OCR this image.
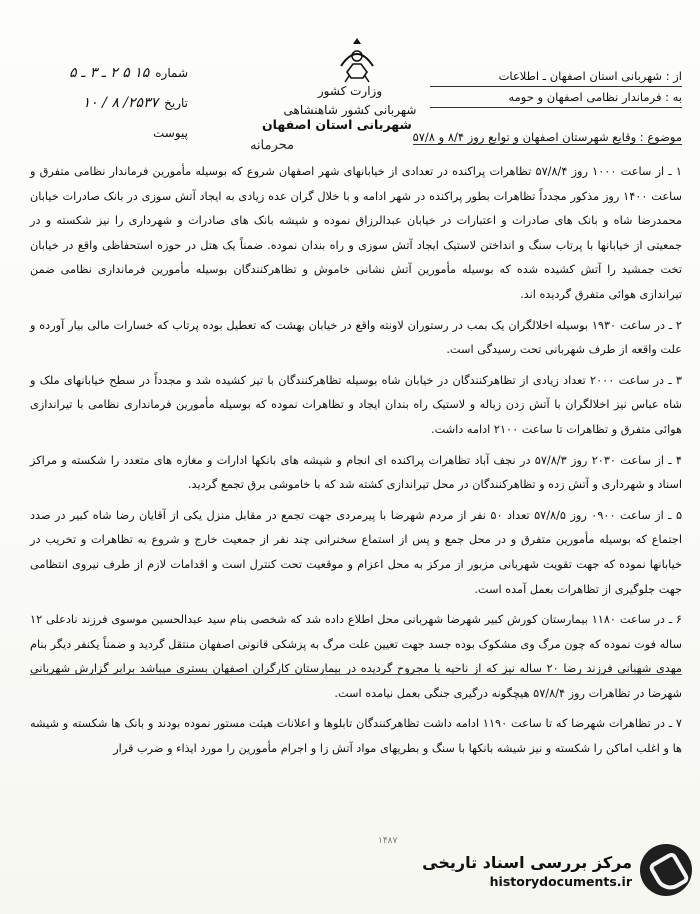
شماره
۱۵ ۵ ۲ ـ ۳ ـ ۵
تاریخ
۲۵۳۷/ ۸ / ۱۰
پیوست
وزارت کشور
شهربانی کشور شاهنشاهی
از : شهربانی استان اصفهان ـ اطلاعات
به : فرماندار نظامی اصفهان و حومه
موضوع : وقایع شهرستان اصفهان و توابع روز ۸/۴ و ۵۷/۸
شهربانی استان اصفهان
محرمانه

۱ ـ از ساعت ۱۰۰۰ روز ۵۷/۸/۴ تظاهرات پراکنده در تعدادی از خیابانهای شهر اصفهان شروع که بوسیله مأمورین فرماندار نظامی متفرق و ساعت ۱۴۰۰ روز مذکور مجدداً تظاهرات بطور پراکنده در شهر ادامه و با خلال گران عده زیادی به ایجاد آتش سوزی در بانک صادرات خیابان محمدرضا شاه و بانک های صادرات و اعتبارات در خیابان عبدالرزاق نموده و شیشه بانک های صادرات و شهرداری را نیز شکسته و در جمعیتی از خیابانها با پرتاب سنگ و انداختن لاستیک ایجاد آتش سوزی و راه بندان نموده. ضمناً یک هتل در حوزه استحفاظی واقع در خیابان تخت جمشید را آتش کشیده شده که بوسیله مأمورین آتش نشانی خاموش و تظاهرکنندگان بوسیله مأمورین فرمانداری نظامی ضمن تیراندازی هوائی متفرق گردیده اند.

۲ ـ در ساعت ۱۹۳۰ بوسیله اخلالگران یک بمب در رستوران لاونته واقع در خیابان بهشت که تعطیل بوده پرتاب که خسارات مالی بیار آورده و علت واقعه از طرف شهربانی تحت رسیدگی است.

۳ ـ در ساعت ۲۰۰۰ تعداد زیادی از تظاهرکنندگان در خیابان شاه بوسیله تظاهرکنندگان با تیر کشیده شد و مجدداً در سطح خیابانهای ملک و شاه عباس نیز اخلالگران با آتش زدن زباله و لاستیک راه بندان ایجاد و تظاهرات نموده که بوسیله مأمورین فرمانداری نظامی با تیراندازی هوائی متفرق و تظاهرات تا ساعت ۲۱۰۰ ادامه داشت.

۴ ـ از ساعت ۲۰۳۰ روز ۵۷/۸/۳ در نجف آباد تظاهرات پراکنده ای انجام و شیشه های بانکها ادارات و مغازه های متعدد را شکسته و مراکز اسناد و شهرداری و آتش زده و تظاهرکنندگان در محل تیراندازی کشته شد که با خاموشی برق تجمع گردید.

۵ ـ از ساعت ۰۹۰۰ روز ۵۷/۸/۵ تعداد ۵۰ نفر از مردم شهرضا با پیرمردی جهت تجمع در مقابل منزل یکی از آقایان رضا شاه کبیر در صدد اجتماع که بوسیله مأمورین متفرق و در محل جمع و پس از استماع سخنرانی چند نفر از جمعیت خارج و شروع به تظاهرات و تخریب در خیابانها نموده که جهت تقویت شهربانی مزبور از مرکز به محل اعزام و موقعیت تحت کنترل است و اقدامات لازم از طرف نیروی انتظامی جهت جلوگیری از تظاهرات بعمل آمده است.

۶ ـ در ساعت ۱۱۸۰ بیمارستان کورش کبیر شهرضا شهربانی محل اطلاع داده شد که شخصی بنام سید عبدالحسین موسوی فرزند نادعلی ۱۲ ساله فوت نموده که چون مرگ وی مشکوک بوده جسد جهت تعیین علت مرگ به پزشکی قانونی اصفهان منتقل گردید و ضمناً یکنفر دیگر بنام مهدی شهبانی فرزند رضا ۲۰ ساله نیز که از ناحیه پا مجروح گردیده در بیمارستان کارگران اصفهان بستری میباشد برابر گزارش شهربانی شهرضا در تظاهرات روز ۵۷/۸/۴ هیچگونه درگیری جنگی بعمل نیامده است.

۷ ـ در تظاهرات شهرضا که تا ساعت ۱۱۹۰ ادامه داشت تظاهرکنندگان تابلوها و اعلانات هیئت مستور نموده بودند و بانک ها شکسته و شیشه ها و اغلب اماکن را شکسته و نیز شیشه بانکها با سنگ و بطریهای مواد آتش زا و اجرام مأمورین را مورد ایذاء و ضرب قرار

۱۴۸۷
مرکز بررسی اسناد تاریخی
historydocuments.ir
